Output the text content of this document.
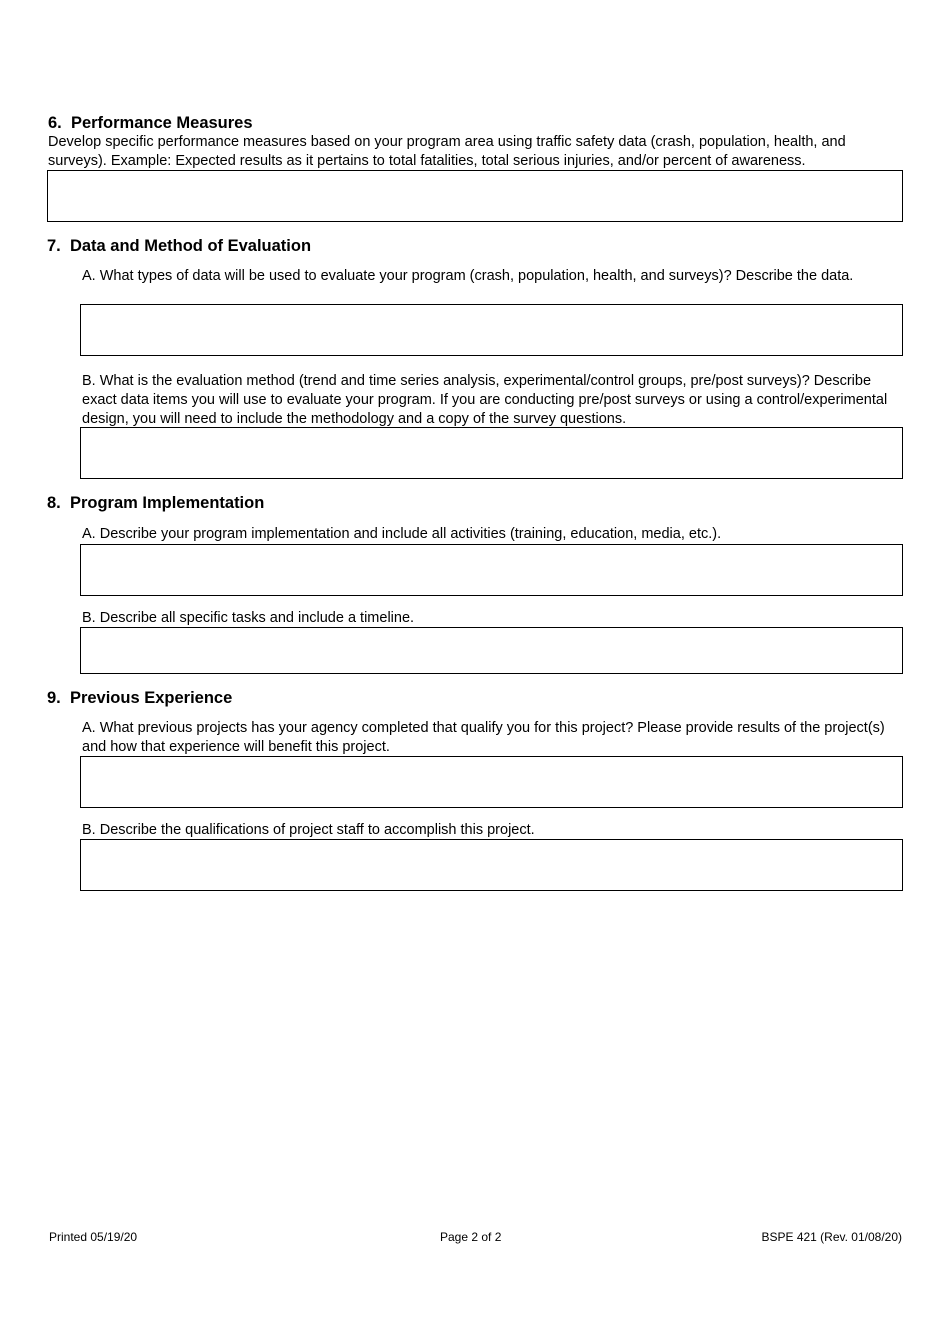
6. Performance Measures
Develop specific performance measures based on your program area using traffic safety data (crash, population, health, and surveys). Example: Expected results as it pertains to total fatalities, total serious injuries, and/or percent of awareness.
7. Data and Method of Evaluation
A. What types of data will be used to evaluate your program (crash, population, health, and surveys)? Describe the data.
B. What is the evaluation method (trend and time series analysis, experimental/control groups, pre/post surveys)? Describe exact data items you will use to evaluate your program. If you are conducting pre/post surveys or using a control/experimental design, you will need to include the methodology and a copy of the survey questions.
8. Program Implementation
A. Describe your program implementation and include all activities (training, education, media, etc.).
B. Describe all specific tasks and include a timeline.
9. Previous Experience
A. What previous projects has your agency completed that qualify you for this project? Please provide results of the project(s) and how that experience will benefit this project.
B. Describe the qualifications of project staff to accomplish this project.
Printed 05/19/20	Page 2 of 2	BSPE 421 (Rev. 01/08/20)
